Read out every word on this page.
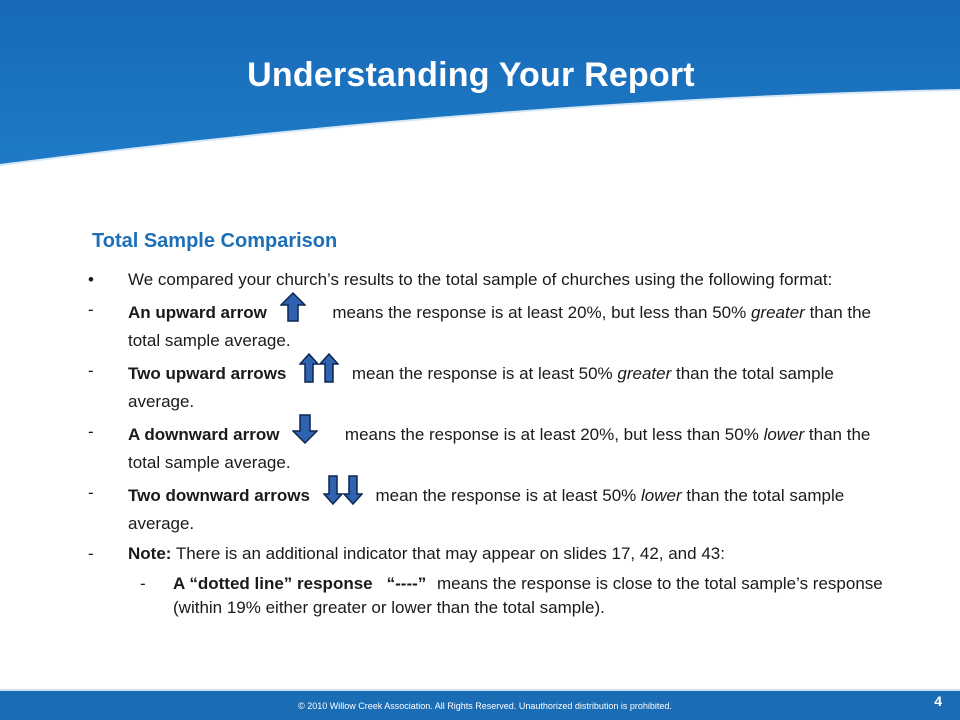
Understanding Your Report
Total Sample Comparison
•	We compared your church’s results to the total sample of churches using the following format:
-	An upward arrow	means the response is at least 20%, but less than 50% greater than the total sample average.
-	Two upward arrows	mean the response is at least 50% greater than the total sample average.
-	A downward arrow	means the response is at least 20%, but less than 50% lower than the total sample average.
-	Two downward arrows	mean the response is at least 50% lower than the total sample average.
-	Note: There is an additional indicator that may appear on slides 17, 42, and 43:
- A “dotted line” response “----” means the response is close to the total sample’s response (within 19% either greater or lower than the total sample).
© 2010 Willow Creek Association. All Rights Reserved. Unauthorized distribution is prohibited.	4
